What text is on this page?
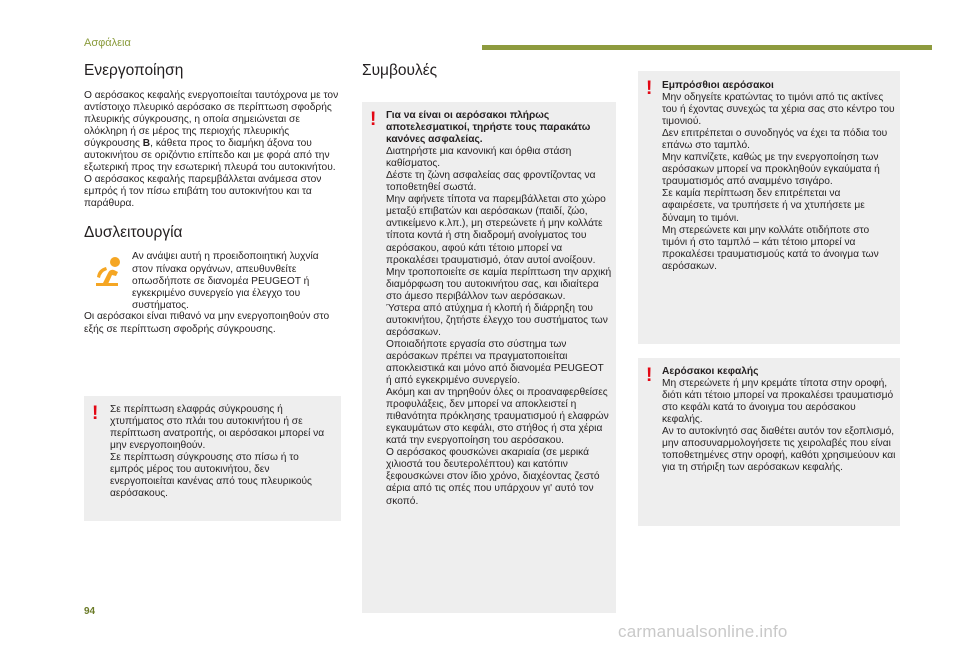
Ασφάλεια
Ενεργοποίηση

Ο αερόσακος κεφαλής ενεργοποιείται ταυτόχρονα με τον αντίστοιχο πλευρικό αερόσακο σε περίπτωση σφοδρής πλευρικής σύγκρουσης, η οποία σημειώνεται σε ολόκληρη ή σε μέρος της περιοχής πλευρικής σύγκρουσης B, κάθετα προς το διαμήκη άξονα του αυτοκινήτου σε οριζόντιο επίπεδο και με φορά από την εξωτερική προς την εσωτερική πλευρά του αυτοκινήτου.
Ο αερόσακος κεφαλής παρεμβάλλεται ανάμεσα στον εμπρός ή τον πίσω επιβάτη του αυτοκινήτου και τα παράθυρα.

Δυσλειτουργία
Αν ανάψει αυτή η προειδοποιητική λυχνία στον πίνακα οργάνων, απευθυνθείτε οπωσδήποτε σε διανομέα PEUGEOT ή εγκεκριμένο συνεργείο για έλεγχο του συστήματος.

Οι αερόσακοι είναι πιθανό να μην ενεργοποιηθούν στο εξής σε περίπτωση σφοδρής σύγκρουσης.

! Σε περίπτωση ελαφράς σύγκρουσης ή χτυπήματος στο πλάι του αυτοκινήτου ή σε περίπτωση ανατροπής, οι αερόσακοι μπορεί να μην ενεργοποιηθούν.
Σε περίπτωση σύγκρουσης στο πίσω ή το εμπρός μέρος του αυτοκινήτου, δεν ενεργοποιείται κανένας από τους πλευρικούς αερόσακους.
Συμβουλές
! Για να είναι οι αερόσακοι πλήρως αποτελεσματικοί, τηρήστε τους παρακάτω κανόνες ασφαλείας.
Διατηρήστε μια κανονική και όρθια στάση καθίσματος.
Δέστε τη ζώνη ασφαλείας σας φροντίζοντας να τοποθετηθεί σωστά.
Μην αφήνετε τίποτα να παρεμβάλλεται στο χώρο μεταξύ επιβατών και αερόσακων (παιδί, ζώο, αντικείμενο κ.λπ.), μη στερεώνετε ή μην κολλάτε τίποτα κοντά ή στη διαδρομή ανοίγματος του αερόσακου, αφού κάτι τέτοιο μπορεί να προκαλέσει τραυματισμό, όταν αυτοί ανοίξουν.
Μην τροποποιείτε σε καμία περίπτωση την αρχική διαμόρφωση του αυτοκινήτου σας, και ιδιαίτερα στο άμεσο περιβάλλον των αερόσακων.
Ύστερα από ατύχημα ή κλοπή ή διάρρηξη του αυτοκινήτου, ζητήστε έλεγχο του συστήματος των αερόσακων.
Οποιαδήποτε εργασία στο σύστημα των αερόσακων πρέπει να πραγματοποιείται αποκλειστικά και μόνο από διανομέα PEUGEOT ή από εγκεκριμένο συνεργείο.
Ακόμη και αν τηρηθούν όλες οι προαναφερθείσες προφυλάξεις, δεν μπορεί να αποκλειστεί η πιθανότητα πρόκλησης τραυματισμού ή ελαφρών εγκαυμάτων στο κεφάλι, στο στήθος ή στα χέρια κατά την ενεργοποίηση του αερόσακου.
Ο αερόσακος φουσκώνει ακαριαία (σε μερικά χιλιοστά του δευτερολέπτου) και κατόπιν ξεφουσκώνει στον ίδιο χρόνο, διαχέοντας ζεστό αέρια από τις οπές που υπάρχουν γι' αυτό τον σκοπό.
! Εμπρόσθιοι αερόσακοι
Μην οδηγείτε κρατώντας το τιμόνι από τις ακτίνες του ή έχοντας συνεχώς τα χέρια σας στο κέντρο του τιμονιού.
Δεν επιτρέπεται ο συνοδηγός να έχει τα πόδια του επάνω στο ταμπλό.
Μην καπνίζετε, καθώς με την ενεργοποίηση των αερόσακων μπορεί να προκληθούν εγκαύματα ή τραυματισμός από αναμμένο τσιγάρο.
Σε καμία περίπτωση δεν επιτρέπεται να αφαιρέσετε, να τρυπήσετε ή να χτυπήσετε με δύναμη το τιμόνι.
Μη στερεώνετε και μην κολλάτε οτιδήποτε στο τιμόνι ή στο ταμπλό – κάτι τέτοιο μπορεί να προκαλέσει τραυματισμούς κατά το άνοιγμα των αερόσακων.
! Αερόσακοι κεφαλής
Μη στερεώνετε ή μην κρεμάτε τίποτα στην οροφή, διότι κάτι τέτοιο μπορεί να προκαλέσει τραυματισμό στο κεφάλι κατά το άνοιγμα του αερόσακου κεφαλής.
Αν το αυτοκίνητό σας διαθέτει αυτόν τον εξοπλισμό, μην αποσυναρμολογήσετε τις χειρολαβές που είναι τοποθετημένες στην οροφή, καθότι χρησιμεύουν και για τη στήριξη των αερόσακων κεφαλής.
94
carmanualsonline.info
